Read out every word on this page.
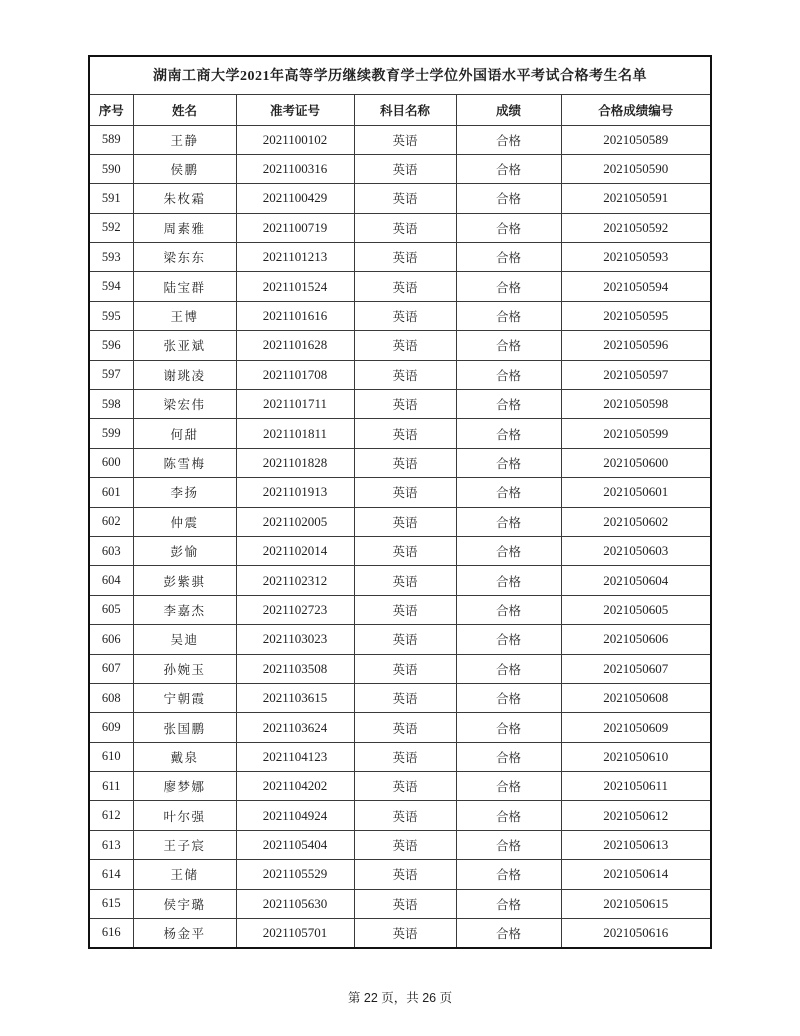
湖南工商大学2021年高等学历继续教育学士学位外国语水平考试合格考生名单					
序号	姓名	准考证号	科目名称	成绩	合格成绩编号
589	王静	2021100102	英语	合格	2021050589
590	侯鹏	2021100316	英语	合格	2021050590
591	朱枚霜	2021100429	英语	合格	2021050591
592	周素雅	2021100719	英语	合格	2021050592
593	梁东东	2021101213	英语	合格	2021050593
594	陆宝群	2021101524	英语	合格	2021050594
595	王博	2021101616	英语	合格	2021050595
596	张亚斌	2021101628	英语	合格	2021050596
597	谢珧凌	2021101708	英语	合格	2021050597
598	梁宏伟	2021101711	英语	合格	2021050598
599	何甜	2021101811	英语	合格	2021050599
600	陈雪梅	2021101828	英语	合格	2021050600
601	李扬	2021101913	英语	合格	2021050601
602	仲震	2021102005	英语	合格	2021050602
603	彭愉	2021102014	英语	合格	2021050603
604	彭紫骐	2021102312	英语	合格	2021050604
605	李嘉杰	2021102723	英语	合格	2021050605
606	吴迪	2021103023	英语	合格	2021050606
607	孙婉玉	2021103508	英语	合格	2021050607
608	宁朝霞	2021103615	英语	合格	2021050608
609	张国鹏	2021103624	英语	合格	2021050609
610	戴泉	2021104123	英语	合格	2021050610
611	廖梦娜	2021104202	英语	合格	2021050611
612	叶尔强	2021104924	英语	合格	2021050612
613	王子宸	2021105404	英语	合格	2021050613
614	王储	2021105529	英语	合格	2021050614
615	侯宇璐	2021105630	英语	合格	2021050615
616	杨金平	2021105701	英语	合格	2021050616
第 22 页，共 26 页
